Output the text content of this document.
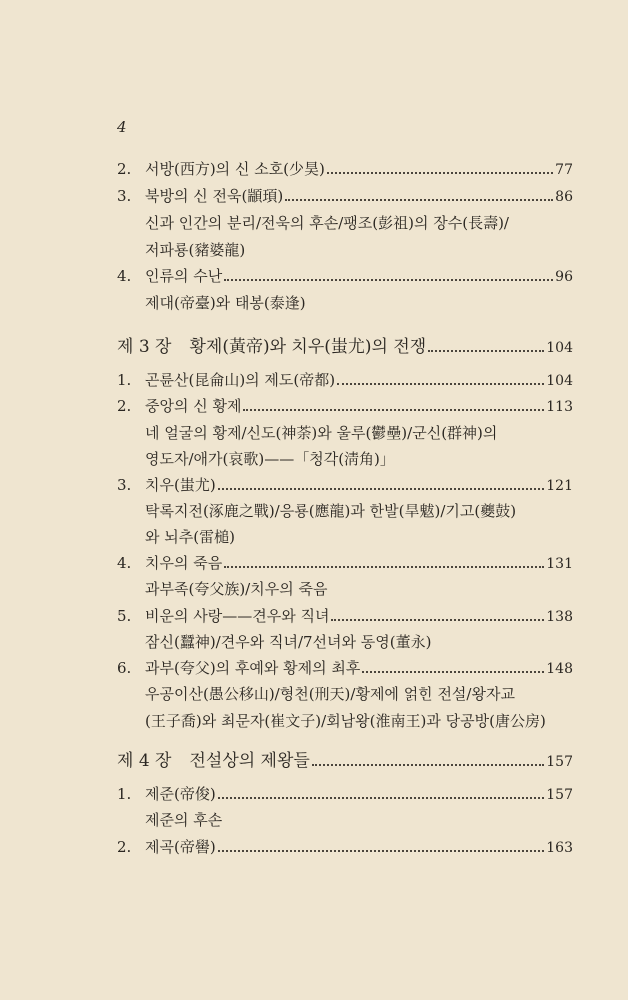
4
2. 서방(西方)의 신 소호(少昊)	77
3. 북방의 신 전욱(顓頊)	86
신과 인간의 분리/전욱의 후손/팽조(彭祖)의 장수(長壽)/
저파룡(豬婆龍)
4. 인류의 수난	96
제대(帝臺)와 태봉(泰逢)
제 3 장 황제(黃帝)와 치우(蚩尤)의 전쟁	104
1. 곤륜산(昆侖山)의 제도(帝都)	104
2. 중앙의 신 황제	113
네 얼굴의 황제/신도(神荼)와 울루(鬱壘)/군신(群神)의
영도자/애가(哀歌)——「청각(淸角)」
3. 치우(蚩尤)	121
탁록지전(涿鹿之戰)/응룡(應龍)과 한발(旱魃)/기고(夔鼓)
와 뇌추(雷槌)
4. 치우의 죽음	131
과부족(夸父族)/치우의 죽음
5. 비운의 사랑——견우와 직녀	138
잠신(蠶神)/견우와 직녀/7선녀와 동영(董永)
6. 과부(夸父)의 후예와 황제의 최후	148
우공이산(愚公移山)/형천(刑天)/황제에 얽힌 전설/왕자교
(王子喬)와 최문자(崔文子)/회남왕(淮南王)과 당공방(唐公房)
제 4 장 전설상의 제왕들	157
1. 제준(帝俊)	157
제준의 후손
2. 제곡(帝嚳)	163
